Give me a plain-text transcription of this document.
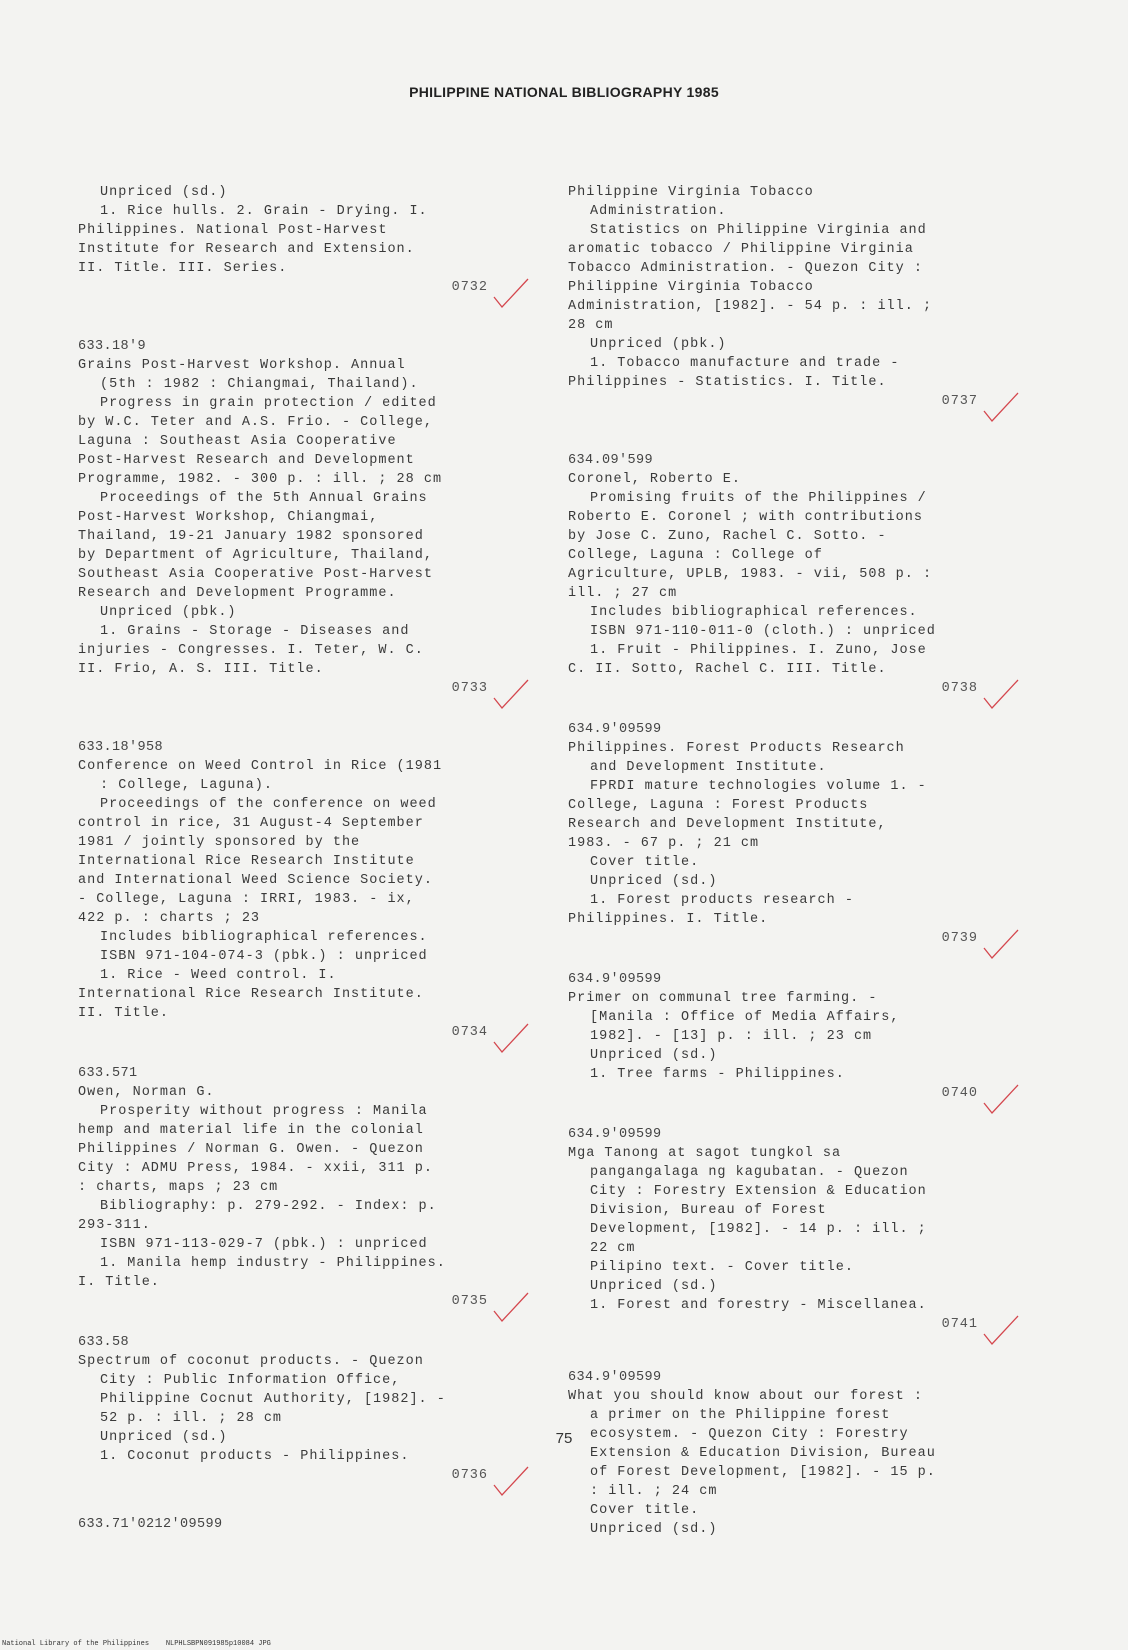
PHILIPPINE NATIONAL BIBLIOGRAPHY 1985
Unpriced (sd.)
1. Rice hulls. 2. Grain - Drying. I.
Philippines. National Post-Harvest
Institute for Research and Extension.
II. Title. III. Series.
0732
633.18'9
Grains Post-Harvest Workshop. Annual
(5th : 1982 : Chiangmai, Thailand).
Progress in grain protection / edited
by W.C. Teter and A.S. Frio. - College,
Laguna : Southeast Asia Cooperative
Post-Harvest Research and Development
Programme, 1982. - 300 p. : ill. ; 28 cm
Proceedings of the 5th Annual Grains
Post-Harvest Workshop, Chiangmai,
Thailand, 19-21 January 1982 sponsored
by Department of Agriculture, Thailand,
Southeast Asia Cooperative Post-Harvest
Research and Development Programme.
Unpriced (pbk.)
1. Grains - Storage - Diseases and
injuries - Congresses. I. Teter, W. C.
II. Frio, A. S. III. Title.
0733
633.18'958
Conference on Weed Control in Rice (1981
: College, Laguna).
Proceedings of the conference on weed
control in rice, 31 August-4 September
1981 / jointly sponsored by the
International Rice Research Institute
and International Weed Science Society.
- College, Laguna : IRRI, 1983. - ix,
422 p. : charts ; 23
Includes bibliographical references.
ISBN 971-104-074-3 (pbk.) : unpriced
1. Rice - Weed control. I.
International Rice Research Institute.
II. Title.
0734
633.571
Owen, Norman G.
Prosperity without progress : Manila
hemp and material life in the colonial
Philippines / Norman G. Owen. - Quezon
City : ADMU Press, 1984. - xxii, 311 p.
: charts, maps ; 23 cm
Bibliography: p. 279-292. - Index: p.
293-311.
ISBN 971-113-029-7 (pbk.) : unpriced
1. Manila hemp industry - Philippines.
I. Title.
0735
633.58
Spectrum of coconut products. - Quezon
City : Public Information Office,
Philippine Cocnut Authority, [1982]. -
52 p. : ill. ; 28 cm
Unpriced (sd.)
1. Coconut products - Philippines.
0736
633.71'0212'09599
Philippine Virginia Tobacco
Administration.
Statistics on Philippine Virginia and
aromatic tobacco / Philippine Virginia
Tobacco Administration. - Quezon City :
Philippine Virginia Tobacco
Administration, [1982]. - 54 p. : ill. ;
28 cm
Unpriced (pbk.)
1. Tobacco manufacture and trade -
Philippines - Statistics. I. Title.
0737
634.09'599
Coronel, Roberto E.
Promising fruits of the Philippines /
Roberto E. Coronel ; with contributions
by Jose C. Zuno, Rachel C. Sotto. -
College, Laguna : College of
Agriculture, UPLB, 1983. - vii, 508 p. :
ill. ; 27 cm
Includes bibliographical references.
ISBN 971-110-011-0 (cloth.) : unpriced
1. Fruit - Philippines. I. Zuno, Jose
C. II. Sotto, Rachel C. III. Title.
0738
634.9'09599
Philippines. Forest Products Research
and Development Institute.
FPRDI mature technologies volume 1. -
College, Laguna : Forest Products
Research and Development Institute,
1983. - 67 p. ; 21 cm
Cover title.
Unpriced (sd.)
1. Forest products research -
Philippines. I. Title.
0739
634.9'09599
Primer on communal tree farming. -
[Manila : Office of Media Affairs,
1982]. - [13] p. : ill. ; 23 cm
Unpriced (sd.)
1. Tree farms - Philippines.
0740
634.9'09599
Mga Tanong at sagot tungkol sa
pangangalaga ng kagubatan. - Quezon
City : Forestry Extension & Education
Division, Bureau of Forest
Development, [1982]. - 14 p. : ill. ;
22 cm
Pilipino text. - Cover title.
Unpriced (sd.)
1. Forest and forestry - Miscellanea.
0741
634.9'09599
What you should know about our forest :
a primer on the Philippine forest
ecosystem. - Quezon City : Forestry
Extension & Education Division, Bureau
of Forest Development, [1982]. - 15 p.
: ill. ; 24 cm
Cover title.
Unpriced (sd.)
75
National Library of the Philippines    NLPHLSBPN091985p10084 JPG
